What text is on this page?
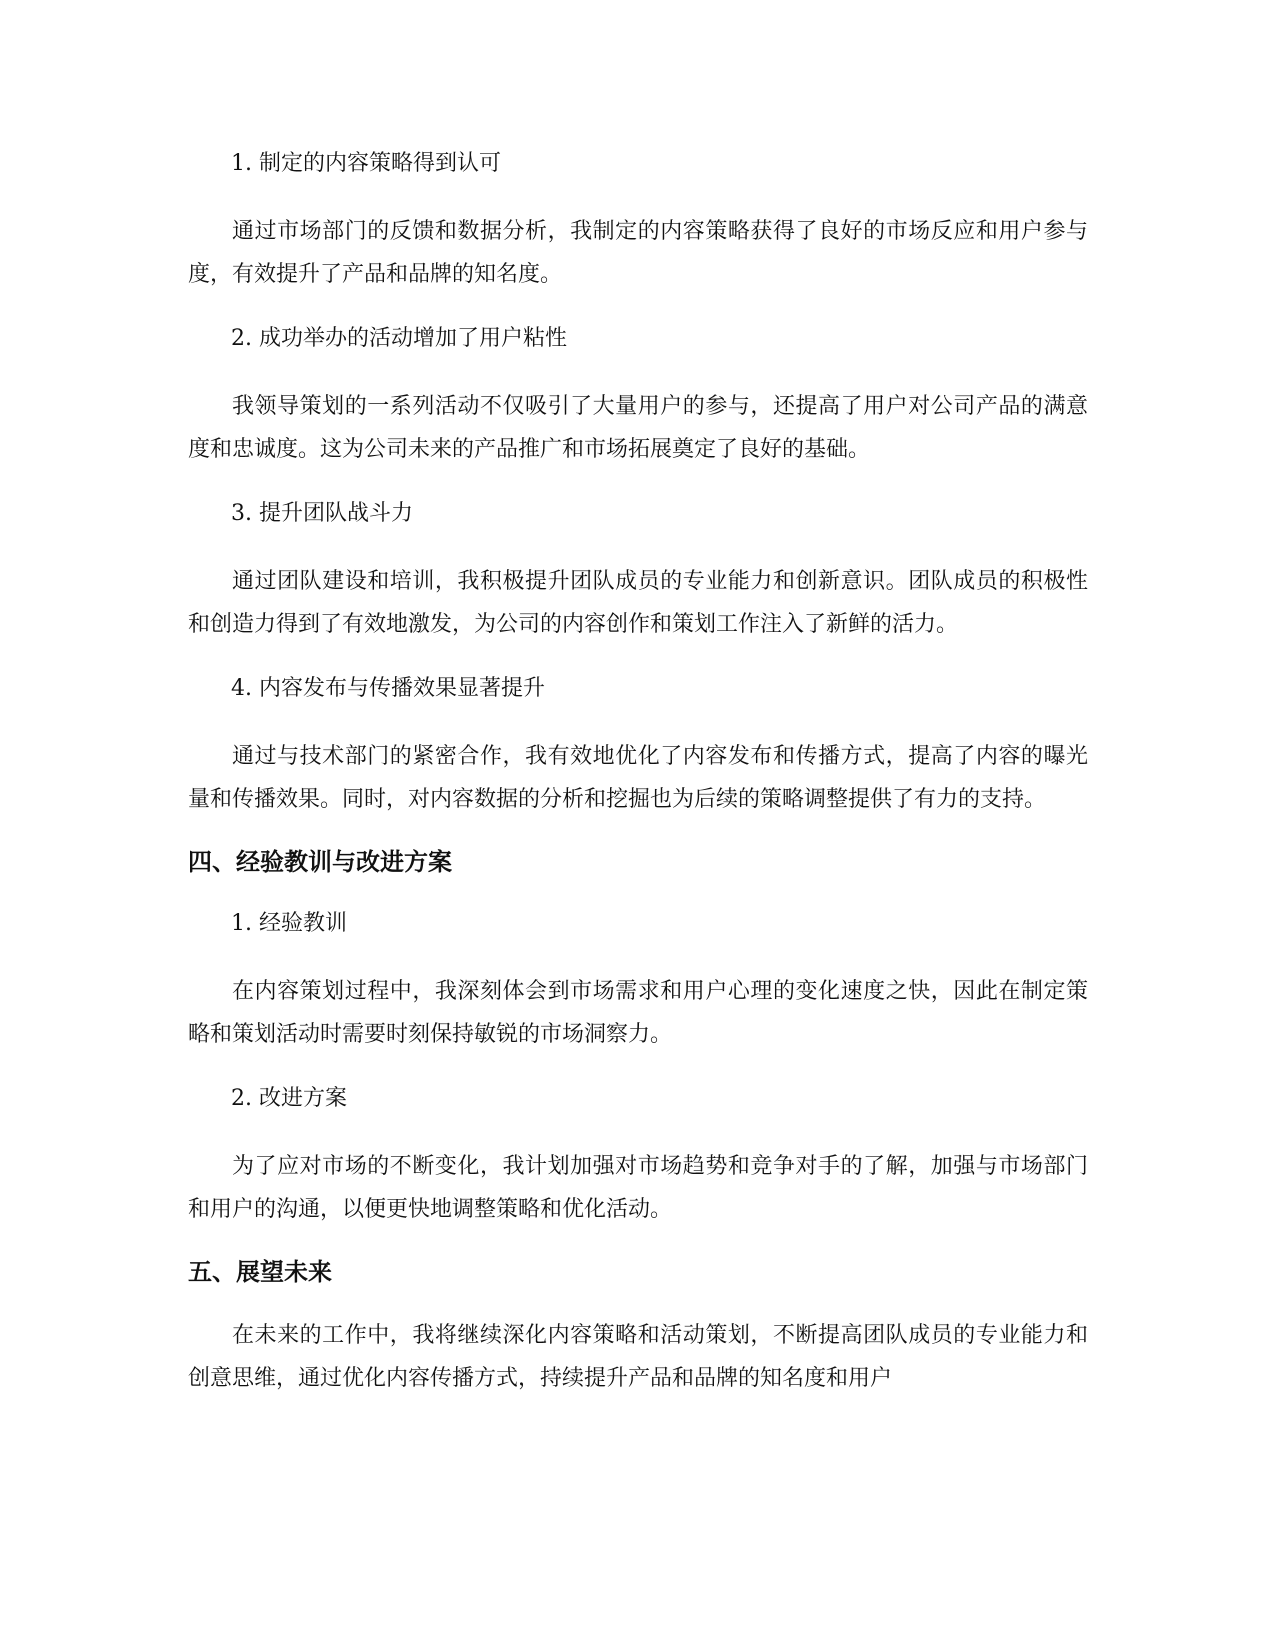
1. 制定的内容策略得到认可

通过市场部门的反馈和数据分析，我制定的内容策略获得了良好的市场反应和用户参与度，有效提升了产品和品牌的知名度。

2. 成功举办的活动增加了用户粘性

我领导策划的一系列活动不仅吸引了大量用户的参与，还提高了用户对公司产品的满意度和忠诚度。这为公司未来的产品推广和市场拓展奠定了良好的基础。

3. 提升团队战斗力

通过团队建设和培训，我积极提升团队成员的专业能力和创新意识。团队成员的积极性和创造力得到了有效地激发，为公司的内容创作和策划工作注入了新鲜的活力。

4. 内容发布与传播效果显著提升

通过与技术部门的紧密合作，我有效地优化了内容发布和传播方式，提高了内容的曝光量和传播效果。同时，对内容数据的分析和挖掘也为后续的策略调整提供了有力的支持。

四、经验教训与改进方案
1. 经验教训

在内容策划过程中，我深刻体会到市场需求和用户心理的变化速度之快，因此在制定策略和策划活动时需要时刻保持敏锐的市场洞察力。

2. 改进方案

为了应对市场的不断变化，我计划加强对市场趋势和竞争对手的了解，加强与市场部门和用户的沟通，以便更快地调整策略和优化活动。

五、展望未来

在未来的工作中，我将继续深化内容策略和活动策划，不断提高团队成员的专业能力和创意思维，通过优化内容传播方式，持续提升产品和品牌的知名度和用户
